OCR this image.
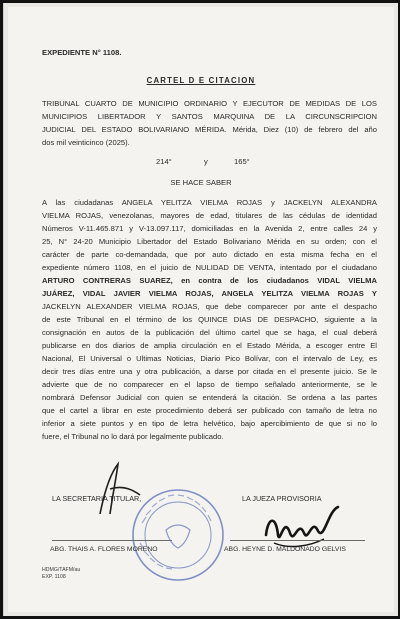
EXPEDIENTE N° 1108.
CARTEL D E CITACION
TRIBUNAL CUARTO DE MUNICIPIO ORDINARIO Y EJECUTOR DE MEDIDAS DE LOS
MUNICIPIOS LIBERTADOR Y SANTOS MARQUINA DE LA CIRCUNSCRIPCION
JUDICIAL DEL ESTADO BOLIVARIANO MÉRIDA. Mérida, Diez (10) de febrero del año
dos mil veinticinco (2025).
214°	y	165°
SE HACE SABER
A las ciudadanas ANGELA YELITZA VIELMA ROJAS y JACKELYN ALEXANDRA
VIELMA ROJAS, venezolanas, mayores de edad, titulares de las cédulas de identidad
Números V-11.465.871 y V-13.097.117, domiciliadas en la Avenida 2, entre calles 24 y
25, N° 24-20 Municipio Libertador del Estado Bolivariano Mérida en su orden; con el
carácter de parte co-demandada, que por auto dictado en esta misma fecha en el
expediente número 1108, en el juicio de NULIDAD DE VENTA, intentado por el ciudadano
ARTURO CONTRERAS SUAREZ, en contra de los ciudadanos VIDAL VIELMA
JUÁREZ, VIDAL JAVIER VIELMA ROJAS, ANGELA YELITZA VIELMA ROJAS Y
JACKELYN ALEXANDER VIELMA ROJAS, que debe comparecer por ante el despacho
de este Tribunal en el término de los QUINCE DIAS DE DESPACHO, siguiente a la
consignación en autos de la publicación del último cartel que se haga, el cual deberá
publicarse en dos diarios de amplia circulación en el Estado Mérida, a escoger entre El
Nacional, El Universal o Ultimas Noticias, Diario Pico Bolívar, con el intervalo de Ley, es
decir tres días entre una y otra publicación, a darse por citada en el presente juicio. Se le
advierte que de no comparecer en el lapso de tiempo señalado anteriormente, se le
nombrará Defensor Judicial con quien se entenderá la citación. Se ordena a las partes
que el cartel a librar en este procedimiento deberá ser publicado con tamaño de letra no
inferior a siete puntos y en tipo de letra helvético, bajo apercibimiento de que si no lo
fuere, el Tribunal no lo dará por legalmente publicado.
LA SECRETARIA TITULAR,	LA JUEZA PROVISORIA
ABG. THAIS A. FLORES MORENO	ABG. HEYNE D. MALDONADO GELVIS
HDMG/TAFM/au
EXP. 1108
